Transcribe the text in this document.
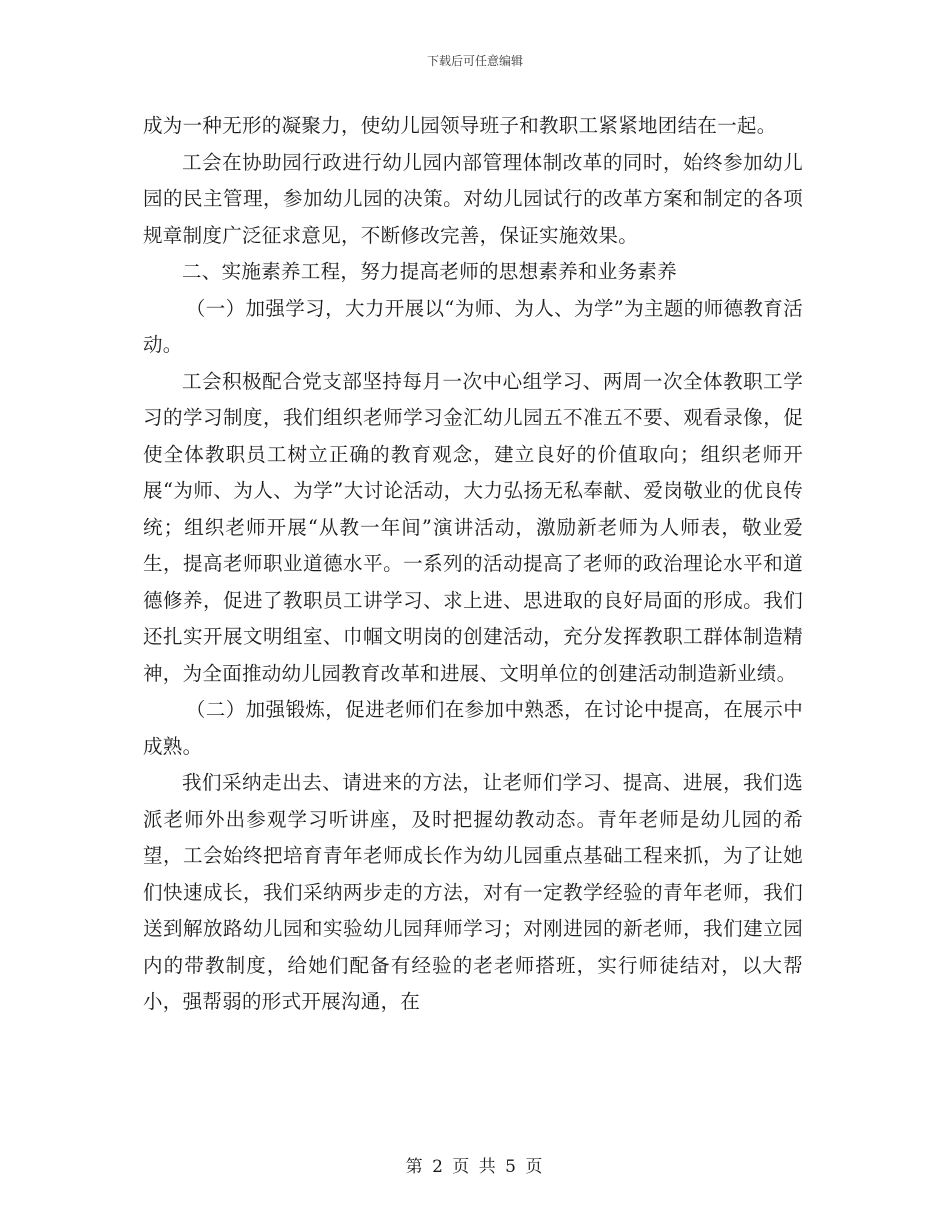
下载后可任意编辑

成为一种无形的凝聚力，使幼儿园领导班子和教职工紧紧地团结在一起。

工会在协助园行政进行幼儿园内部管理体制改革的同时，始终参加幼儿园的民主管理，参加幼儿园的决策。对幼儿园试行的改革方案和制定的各项规章制度广泛征求意见，不断修改完善，保证实施效果。

二、实施素养工程，努力提高老师的思想素养和业务素养

（一）加强学习，大力开展以“为师、为人、为学”为主题的师德教育活动。

工会积极配合党支部坚持每月一次中心组学习、两周一次全体教职工学习的学习制度，我们组织老师学习金汇幼儿园五不准五不要、观看录像，促使全体教职员工树立正确的教育观念，建立良好的价值取向；组织老师开展“为师、为人、为学”大讨论活动，大力弘扬无私奉献、爱岗敬业的优良传统；组织老师开展“从教一年间”演讲活动，激励新老师为人师表，敬业爱生，提高老师职业道德水平。一系列的活动提高了老师的政治理论水平和道德修养，促进了教职员工讲学习、求上进、思进取的良好局面的形成。我们还扎实开展文明组室、巾帼文明岗的创建活动，充分发挥教职工群体制造精神，为全面推动幼儿园教育改革和进展、文明单位的创建活动制造新业绩。

（二）加强锻炼，促进老师们在参加中熟悉，在讨论中提高，在展示中成熟。

我们采纳走出去、请进来的方法，让老师们学习、提高、进展，我们选派老师外出参观学习听讲座，及时把握幼教动态。青年老师是幼儿园的希望，工会始终把培育青年老师成长作为幼儿园重点基础工程来抓，为了让她们快速成长，我们采纳两步走的方法，对有一定教学经验的青年老师，我们送到解放路幼儿园和实验幼儿园拜师学习；对刚进园的新老师，我们建立园内的带教制度，给她们配备有经验的老老师搭班，实行师徒结对，以大帮小，强帮弱的形式开展沟通，在

第 2 页 共 5 页
